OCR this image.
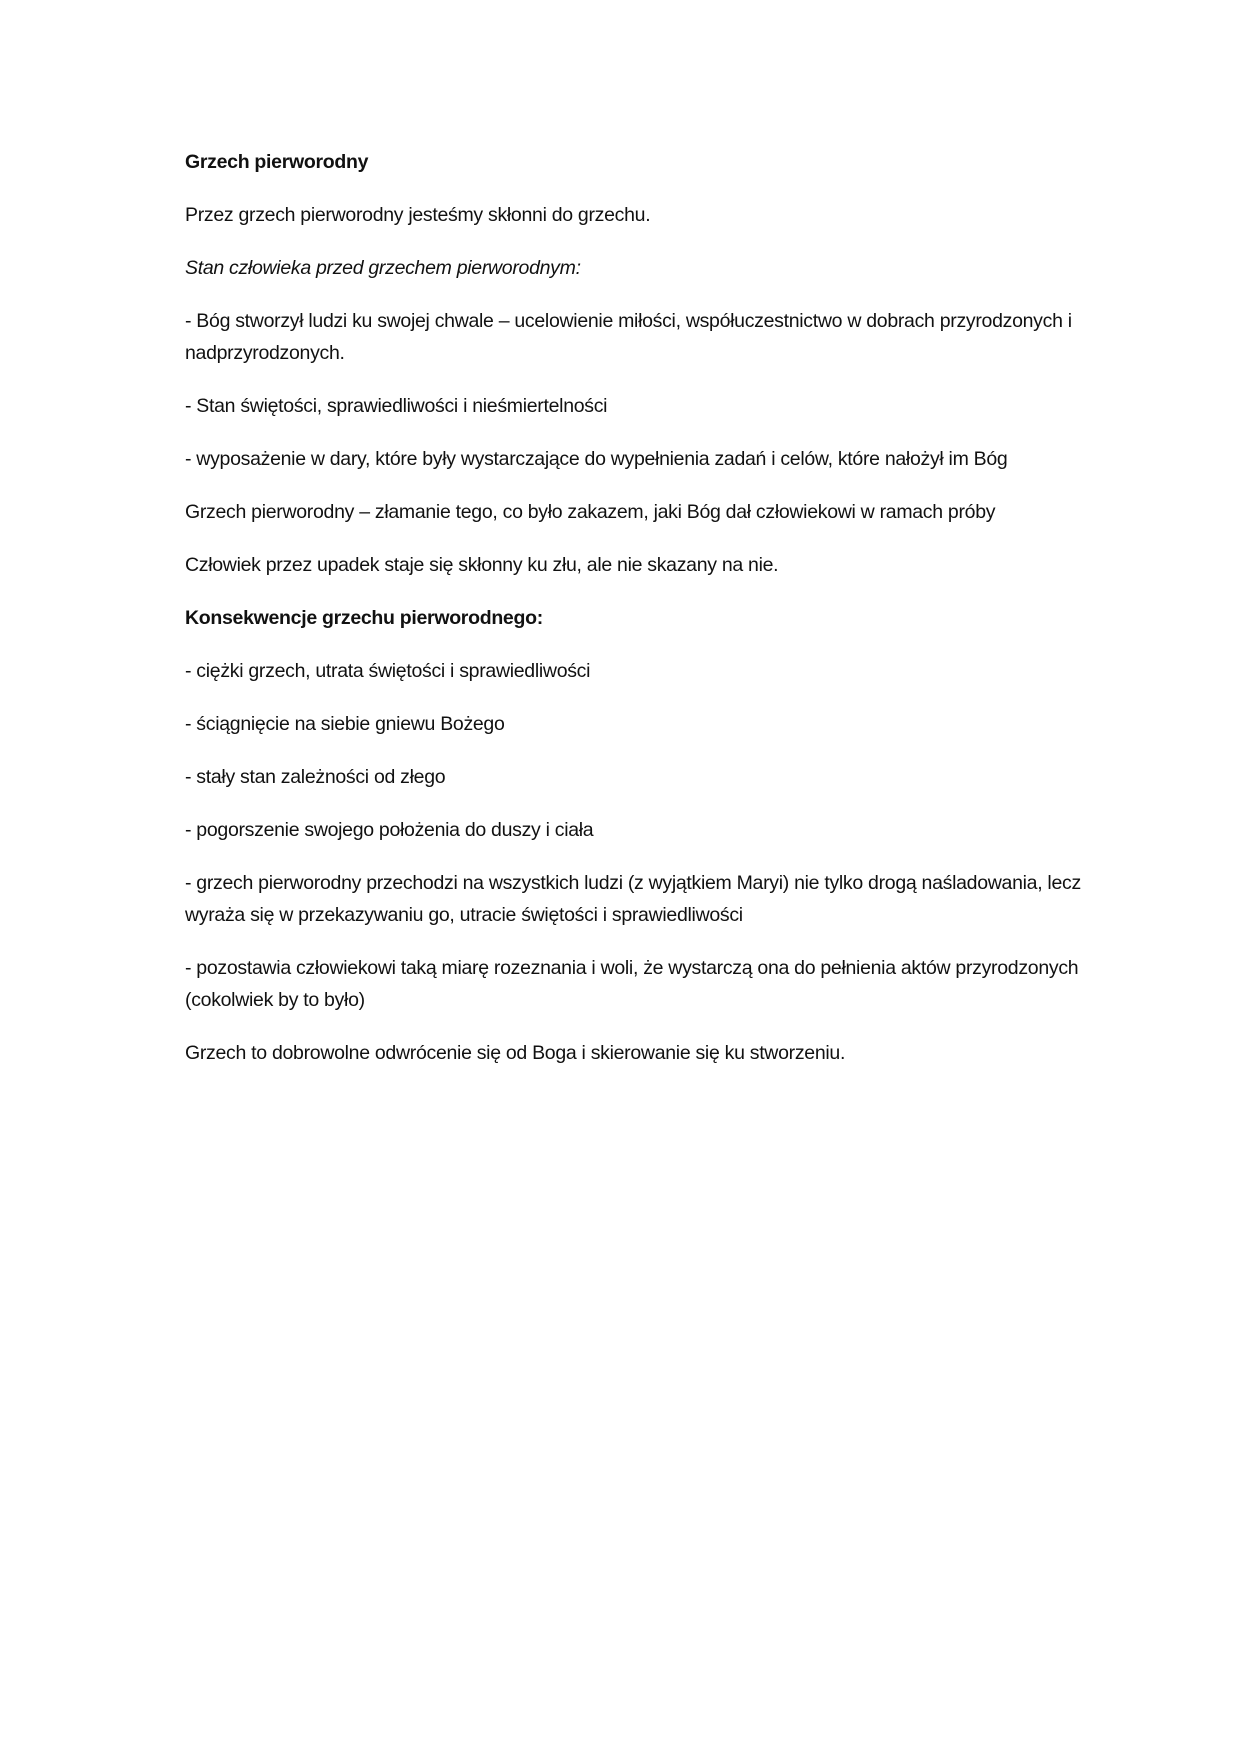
Grzech pierworodny

Przez grzech pierworodny jesteśmy skłonni do grzechu.

Stan człowieka przed grzechem pierworodnym:

- Bóg stworzył ludzi ku swojej chwale – ucelowienie miłości, współuczestnictwo w dobrach przyrodzonych i nadprzyrodzonych.

- Stan świętości, sprawiedliwości i nieśmiertelności

- wyposażenie w dary, które były wystarczające do wypełnienia zadań i celów, które nałożył im Bóg

Grzech pierworodny – złamanie tego, co było zakazem, jaki Bóg dał człowiekowi w ramach próby

Człowiek przez upadek staje się skłonny ku złu, ale nie skazany na nie.

Konsekwencje grzechu pierworodnego:

- ciężki grzech, utrata świętości i sprawiedliwości

- ściągnięcie na siebie gniewu Bożego

- stały stan zależności od złego

- pogorszenie swojego położenia do duszy i ciała

- grzech pierworodny przechodzi na wszystkich ludzi (z wyjątkiem Maryi) nie tylko drogą naśladowania, lecz wyraża się w przekazywaniu go, utracie świętości i sprawiedliwości

- pozostawia człowiekowi taką miarę rozeznania i woli, że wystarczą ona do pełnienia aktów przyrodzonych (cokolwiek by to było)

Grzech to dobrowolne odwrócenie się od Boga i skierowanie się ku stworzeniu.
